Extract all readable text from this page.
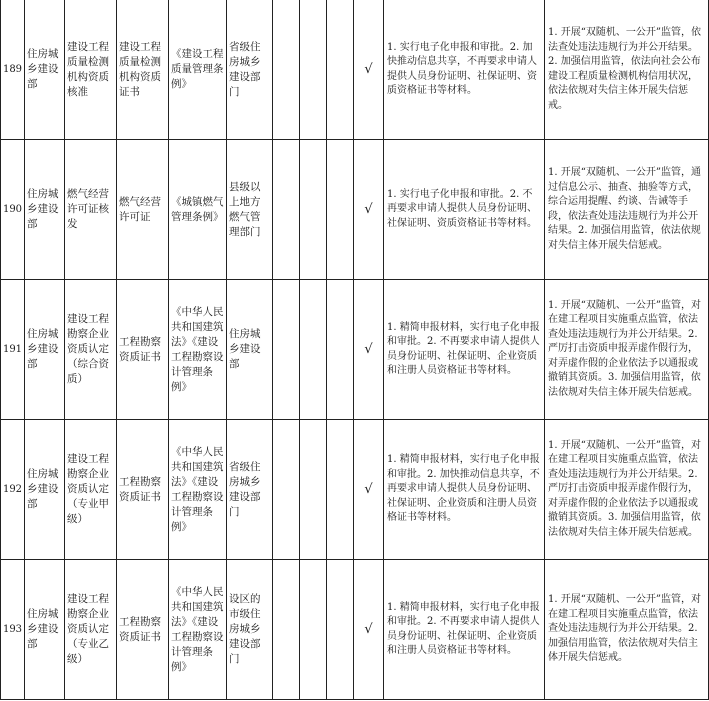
189	住房城乡建设部	建设工程质量检测机构资质核准	建设工程质量检测机构资质证书	《建设工程质量管理条例》	省级住房城乡建设部门				√	1. 实行电子化申报和审批。2. 加快推动信息共享，不再要求申请人提供人员身份证明、社保证明、资质资格证书等材料。	1. 开展“双随机、一公开”监管，依法查处违法违规行为并公开结果。2. 加强信用监管，依法向社会公布建设工程质量检测机构信用状况，依法依规对失信主体开展失信惩戒。
190	住房城乡建设部	燃气经营许可证核发	燃气经营许可证	《城镇燃气管理条例》	县级以上地方燃气管理部门				√	1. 实行电子化申报和审批。2. 不再要求申请人提供人员身份证明、社保证明、资质资格证书等材料。	1. 开展“双随机、一公开”监管，通过信息公示、抽查、抽验等方式，综合运用提醒、约谈、告诫等手段，依法查处违法违规行为并公开结果。2. 加强信用监管，依法依规对失信主体开展失信惩戒。
191	住房城乡建设部	建设工程勘察企业资质认定（综合资质）	工程勘察资质证书	《中华人民共和国建筑法》《建设工程勘察设计管理条例》	住房城乡建设部				√	1. 精简申报材料，实行电子化申报和审批。2. 不再要求申请人提供人员身份证明、社保证明、企业资质和注册人员资格证书等材料。	1. 开展“双随机、一公开”监管，对在建工程项目实施重点监管，依法查处违法违规行为并公开结果。2. 严厉打击资质申报弄虚作假行为，对弄虚作假的企业依法予以通报或撤销其资质。3. 加强信用监管，依法依规对失信主体开展失信惩戒。
192	住房城乡建设部	建设工程勘察企业资质认定（专业甲级）	工程勘察资质证书	《中华人民共和国建筑法》《建设工程勘察设计管理条例》	省级住房城乡建设部门				√	1. 精简申报材料，实行电子化申报和审批。2. 加快推动信息共享，不再要求申请人提供人员身份证明、社保证明、企业资质和注册人员资格证书等材料。	1. 开展“双随机、一公开”监管，对在建工程项目实施重点监管，依法查处违法违规行为并公开结果。2. 严厉打击资质申报弄虚作假行为，对弄虚作假的企业依法予以通报或撤销其资质。3. 加强信用监管，依法依规对失信主体开展失信惩戒。
193	住房城乡建设部	建设工程勘察企业资质认定（专业乙级）	工程勘察资质证书	《中华人民共和国建筑法》《建设工程勘察设计管理条例》	设区的市级住房城乡建设部门				√	1. 精简申报材料，实行电子化申报和审批。2. 不再要求申请人提供人员身份证明、社保证明、企业资质和注册人员资格证书等材料。	1. 开展“双随机、一公开”监管，对在建工程项目实施重点监管，依法查处违法违规行为并公开结果。2. 加强信用监管，依法依规对失信主体开展失信惩戒。
